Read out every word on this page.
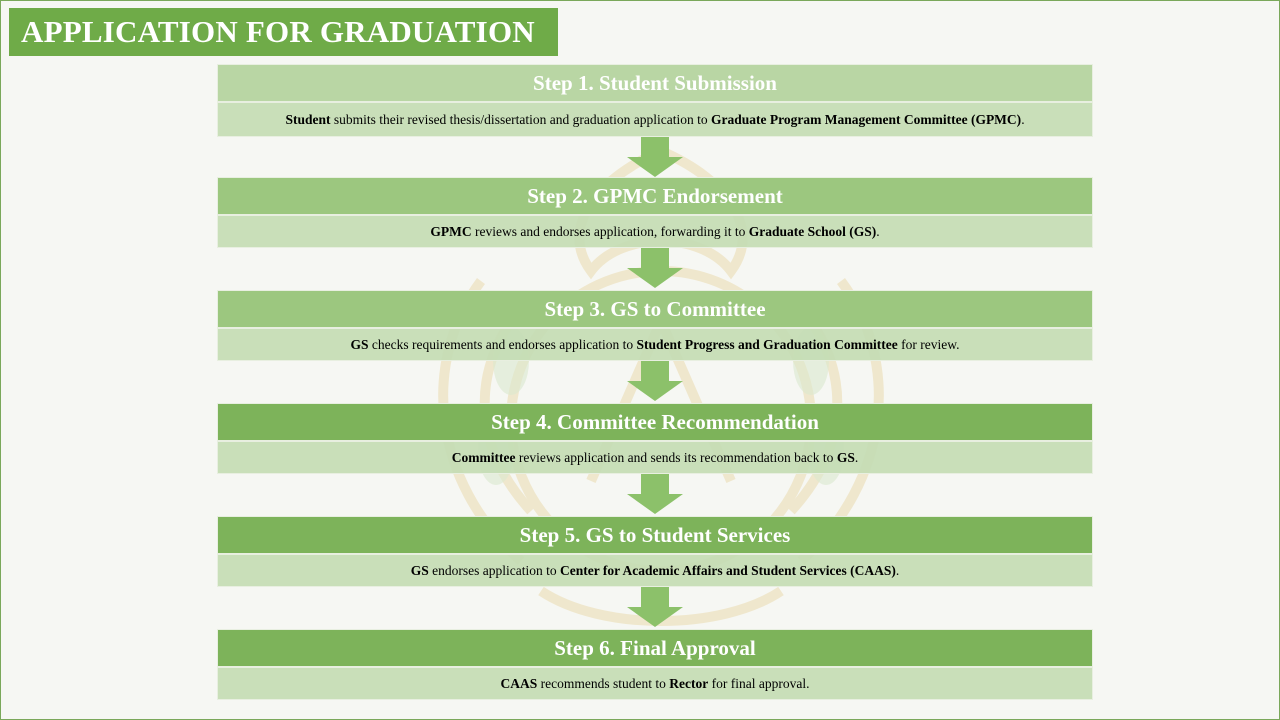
APPLICATION FOR GRADUATION
Step 1. Student Submission
Student submits their revised thesis/dissertation and graduation application to Graduate Program Management Committee (GPMC).
Step 2. GPMC Endorsement
GPMC reviews and endorses application, forwarding it to Graduate School (GS).
Step 3. GS to Committee
GS checks requirements and endorses application to Student Progress and Graduation Committee for review.
Step 4. Committee Recommendation
Committee reviews application and sends its recommendation back to GS.
Step 5. GS to Student Services
GS endorses application to Center for Academic Affairs and Student Services (CAAS).
Step 6. Final Approval
CAAS recommends student to Rector for final approval.
